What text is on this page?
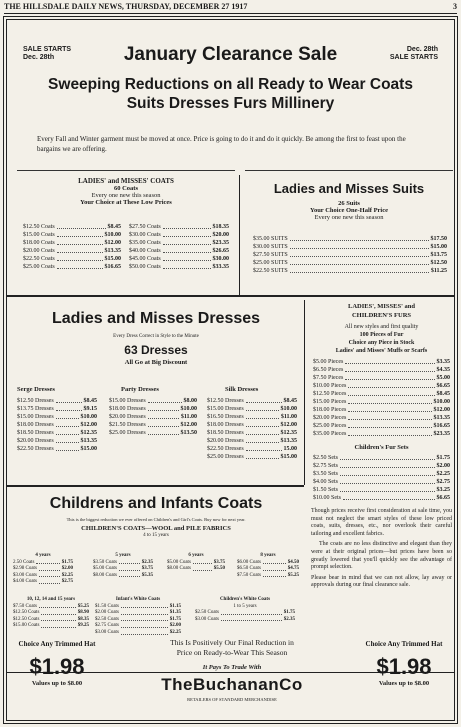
THE HILLSDALE DAILY NEWS, THURSDAY, DECEMBER 27 1917	3
SALE STARTS
Dec. 28th
Dec. 28th
SALE STARTS
January Clearance Sale
Sweeping Reductions on all Ready to Wear Coats
Suits Dresses Furs Millinery
Every Fall and Winter garment must be moved at once. Price is going to do it and do it quickly. Be among the first to feast upon the bargains we are offering.
LADIES' and MISSES' COATS
60 Coats
Every one new this season
Your Choice at These Low Prices
$12.50 Coats	$8.45
$15.00 Coats	$10.00
$18.00 Coats	$12.00
$20.00 Coats	$13.35
$22.50 Coats	$15.00
$25.00 Coats	$16.65
$27.50 Coats	$18.35
$30.00 Coats	$20.00
$35.00 Coats	$23.35
$40.00 Coats	$26.65
$45.00 Coats	$30.00
$50.00 Coats	$33.35
Ladies and Misses Suits
26 Suits
Your Choice One-Half Price
Every one new this season
$35.00 SUITS	$17.50
$30.00 SUITS	$15.00
$27.50 SUITS	$13.75
$25.00 SUITS	$12.50
$22.50 SUITS	$11.25
Ladies and Misses Dresses
Every Dress Correct in Style to the Minute
63 Dresses
All Go at Big Discount
Serge Dresses
$12.50 Dresses	$8.45
$13.75 Dresses	$9.15
$15.00 Dresses	$10.00
$18.00 Dresses	$12.00
$18.50 Dresses	$12.35
$20.00 Dresses	$13.35
$22.50 Dresses	$15.00
Party Dresses
$15.00 Dresses	$8.00
$18.00 Dresses	$10.00
$20.00 Dresses	$11.00
$21.50 Dresses	$12.00
$25.00 Dresses	$13.50
Silk Dresses
$12.50 Dresses	$8.45
$15.00 Dresses	$10.00
$16.50 Dresses	$11.00
$18.00 Dresses	$12.00
$18.50 Dresses	$12.35
$20.00 Dresses	$13.35
$22.50 Dresses	15.00
$25.00 Dresses	$15.00
LADIES', MISSES' and
CHILDREN'S FURS
All new styles and first quality
100 Pieces of Fur
Choice any Piece in Stock
Ladies' and Misses' Muffs or Scarfs
$5.00 Pieces	$3.35
$6.50 Pieces	$4.35
$7.50 Pieces	$5.00
$10.00 Pieces	$6.65
$12.50 Pieces	$8.45
$15.00 Pieces	$10.00
$18.00 Pieces	$12.00
$20.00 Pieces	$13.35
$25.00 Pieces	$16.65
$35.00 Pieces	$23.35
Children's Fur Sets
$2.50 Sets	$1.75
$2.75 Sets	$2.00
$3.50 Sets	$2.25
$4.00 Sets	$2.75
$1.50 Sets	$3.25
$10.00 Sets	$6.65
Though prices receive first consideration at sale time, you must not neglect the smart styles of these low priced coats, suits, dresses, etc., nor overlook their careful tailoring and excellent fabrics.
The coats are no less distinctive and elegant than they were at their original prices—but prices have been so greatly lowered that you'll quickly see the advantage of prompt selection.
Please bear in mind that we can not allow, lay away or approvals during our final clearance sale.
Childrens and Infants Coats
This is the biggest reduction we ever offered on Children's and Girl's Coats. Buy now for next year.
CHILDREN'S COATS—WOOL and PILE FABRICS
4 to 15 years
4 years
2.50 Coats	$1.75
$2.98 Coats	$2.00
$3.00 Coats	$2.25
$4.00 Coats	$2.75
5 years
$3.50 Coats	$2.35
$5.00 Coats	$3.75
$8.00 Coats	$5.35
6 years
$5.00 Coats	$3.75
$8.00 Coats	$5.50
8 years
$6.00 Coats	$4.50
$6.50 Coats	$4.75
$7.50 Coats	$5.25
10, 12, 14 and 15 years
$7.50 Coats	$5.25
$12.50 Coats	$8.90
$12.50 Coats	$8.35
$15.00 Coats	$9.25
Infant's White Coats
$1.50 Coats	$1.15
$2.00 Coats	$1.35
$2.50 Coats	$1.75
$2.75 Coats	$2.00
$3.00 Coats	$2.25
Children's White Coats
1 to 5 years
$2.50 Coats	$1.75
$3.00 Coats	$2.35
Choice Any Trimmed Hat
$1.98
Values up to $8.00
This Is Positively Our Final Reduction in
Price on Ready-to-Wear This Season
It Pays To Trade With
TheBuchananCo
RETAILERS OF STANDARD MERCHANDISE
Choice Any Trimmed Hat
$1.98
Values up to $8.00
